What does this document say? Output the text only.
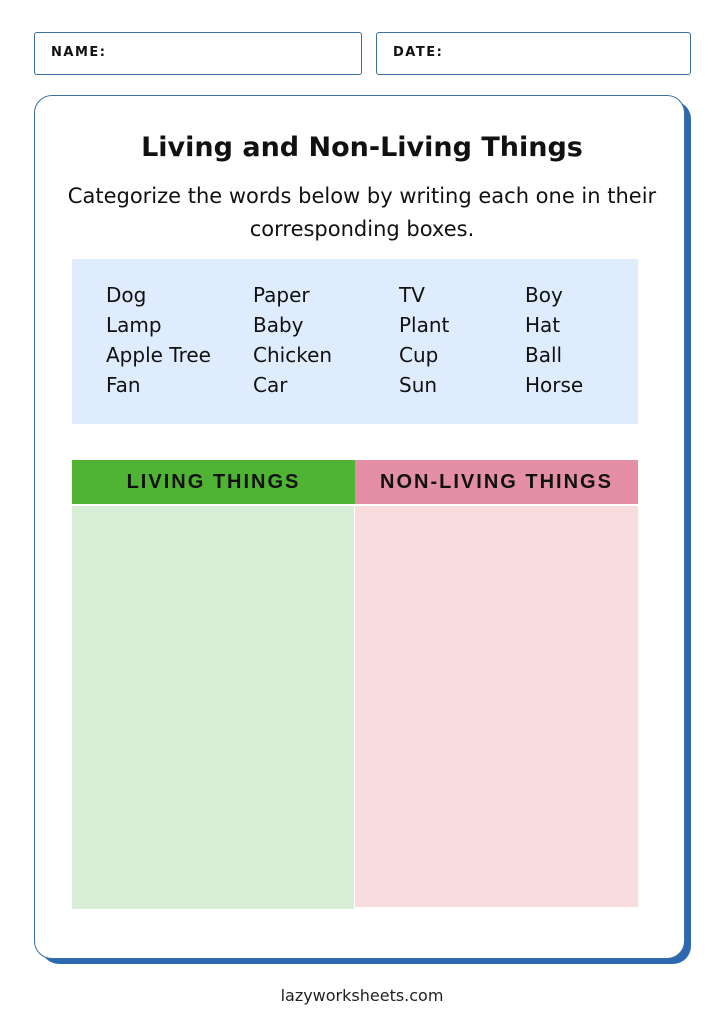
NAME:	DATE:
Living and Non-Living Things

Categorize the words below by writing each one in their corresponding boxes.

Dog
Lamp
Apple Tree
Fan
Paper
Baby
Chicken
Car
TV
Plant
Cup
Sun
Boy
Hat
Ball
Horse
LIVING THINGS	NON-LIVING THINGS
lazyworksheets.com
